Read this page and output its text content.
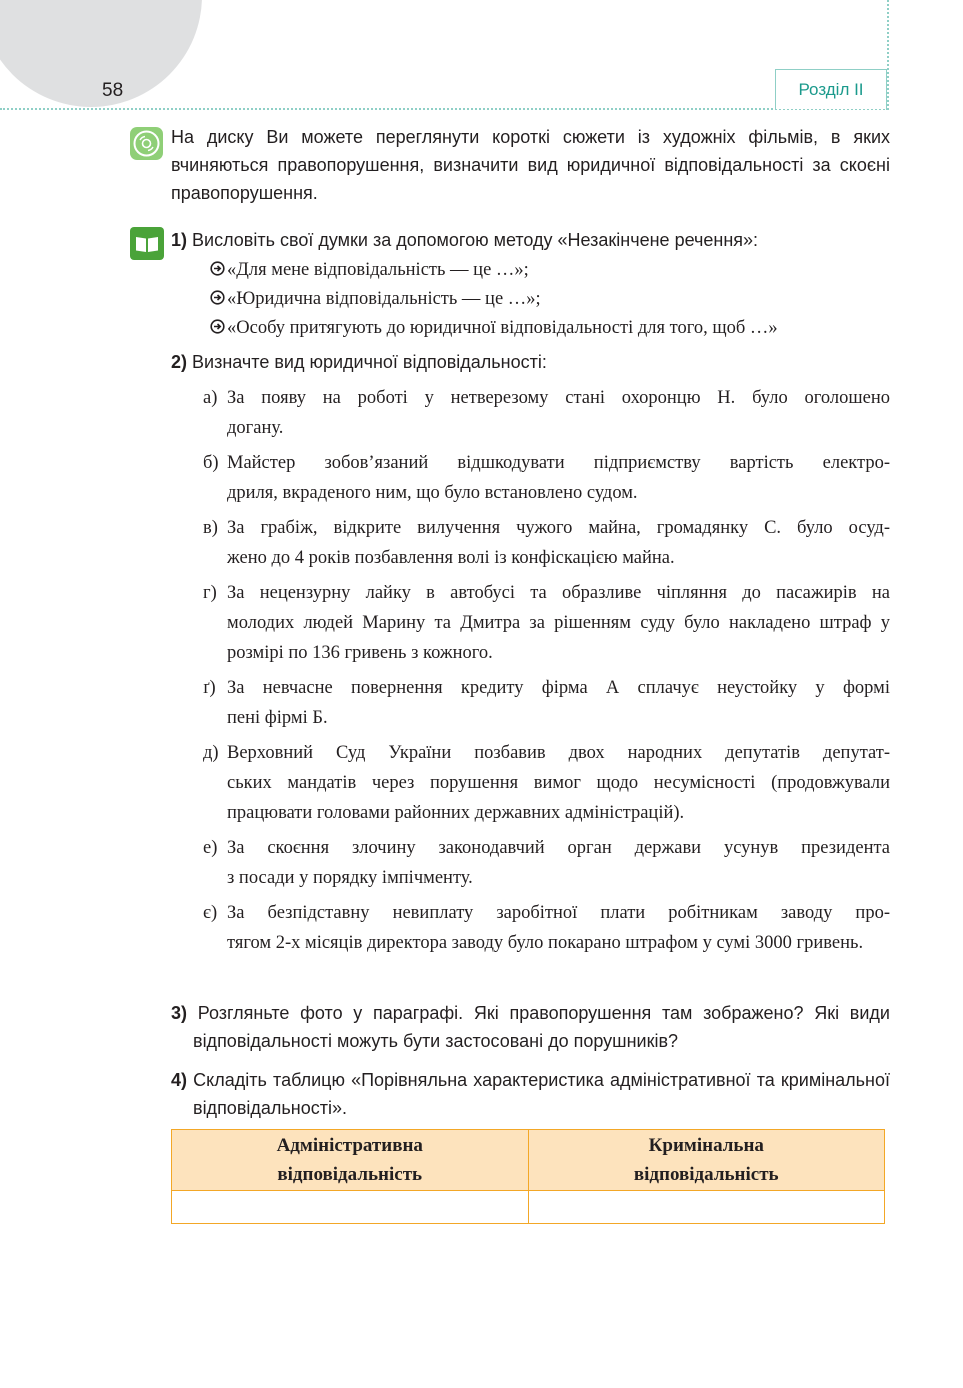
58	Розділ II
На диску Ви можете переглянути короткі сюжети із художніх фільмів, в яких вчиняються правопорушення, визначити вид юридичної відповідальності за скоєні правопорушення.
1) Висловіть свої думки за допомогою методу «Незакінчене речення»:
«Для мене відповідальність — це …»;
«Юридична відповідальність — це …»;
«Особу притягують до юридичної відповідальності для того, щоб …»
2) Визначте вид юридичної відповідальності:
а) За появу на роботі у нетверезому стані охоронцю Н. було оголошено
догану.
б) Майстер зобов’язаний відшкодувати підприємству вартість електро-
дриля, вкраденого ним, що було встановлено судом.
в) За грабіж, відкрите вилучення чужого майна, громадянку С. було осуд-
жено до 4 років позбавлення волі із конфіскацією майна.
г) За нецензурну лайку в автобусі та образливе чіпляння до пасажирів на
молодих людей Марину та Дмитра за рішенням суду було накладено штраф у розмірі по 136 гривень з кожного.
ґ) За невчасне повернення кредиту фірма А сплачує неустойку у формі
пені фірмі Б.
д) Верховний Суд України позбавив двох народних депутатів депутат-
ських мандатів через порушення вимог щодо несумісності (продовжували працювати головами районних державних адміністрацій).
е) За скоєння злочину законодавчий орган держави усунув президента
з посади у порядку імпічменту.
є) За безпідставну невиплату заробітної плати робітникам заводу про-
тягом 2-х місяців директора заводу було покарано штрафом у сумі 3000 гривень.
3) Розгляньте фото у параграфі. Які правопорушення там зображено? Які види відповідальності можуть бути застосовані до порушників?
4) Складіть таблицю «Порівняльна характеристика адміністративної та кримінальної відповідальності».
Адміністративна відповідальність	Кримінальна відповідальність
